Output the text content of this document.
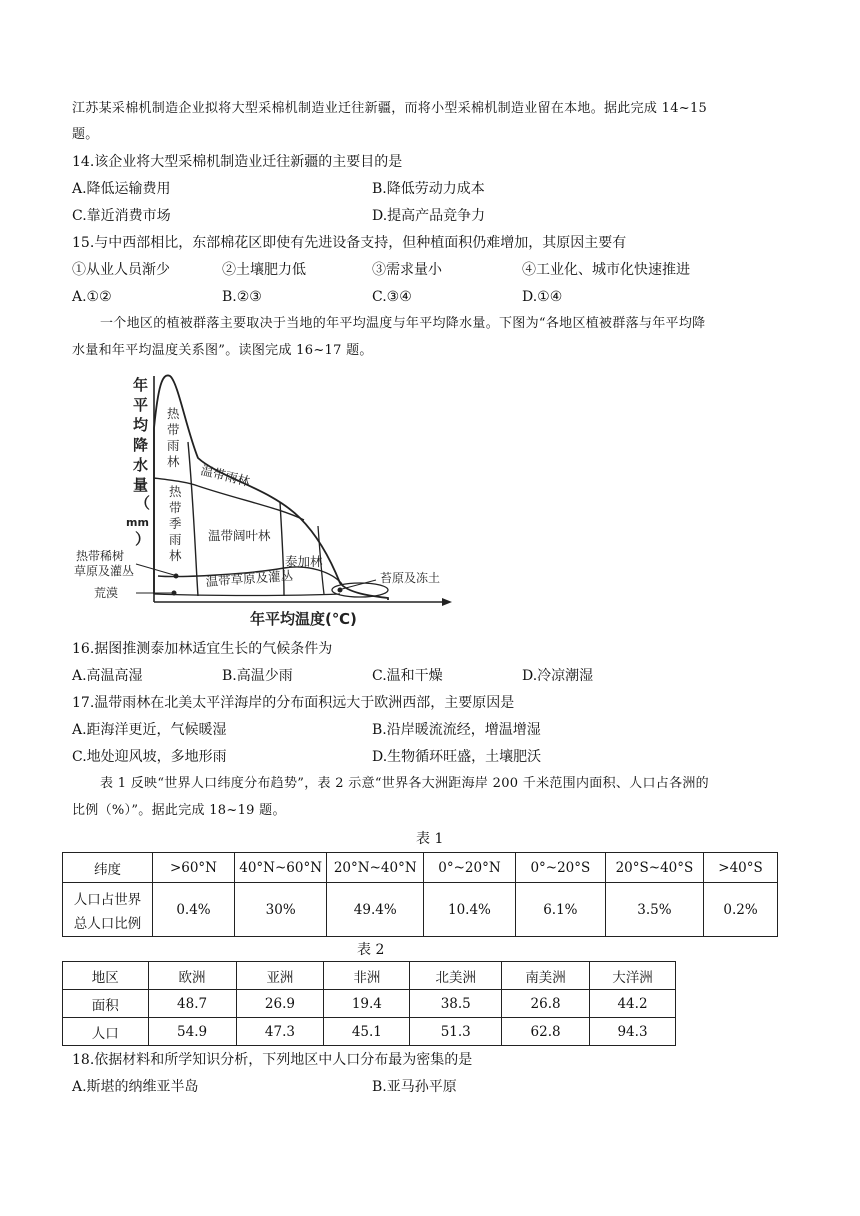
江苏某采棉机制造企业拟将大型采棉机制造业迁往新疆，而将小型采棉机制造业留在本地。据此完成 14~15
题。
14.该企业将大型采棉机制造业迁往新疆的主要目的是
A.降低运输费用	B.降低劳动力成本
C.靠近消费市场	D.提高产品竞争力
15.与中西部相比，东部棉花区即使有先进设备支持，但种植面积仍难增加，其原因主要有
①从业人员渐少	②土壤肥力低	③需求量小	④工业化、城市化快速推进
A.①②	B.②③	C.③④	D.①④
一个地区的植被群落主要取决于当地的年平均温度与年平均降水量。下图为“各地区植被群落与年平均降
水量和年平均温度关系图”。读图完成 16~17 题。
年
平
均
降
水
量
（
mm
）
热
带
雨
林
温带雨林
热
带
季
雨
林
温带阔叶林
泰加林
温带草原及灌丛
热带稀树
草原及灌丛
荒漠
苔原及冻土
年平均温度(℃)
16.据图推测泰加林适宜生长的气候条件为
A.高温高湿	B.高温少雨	C.温和干燥	D.冷凉潮湿
17.温带雨林在北美太平洋海岸的分布面积远大于欧洲西部，主要原因是
A.距海洋更近，气候暖湿	B.沿岸暖流流经，增温增湿
C.地处迎风坡，多地形雨	D.生物循环旺盛，土壤肥沃
表 1 反映“世界人口纬度分布趋势”，表 2 示意“世界各大洲距海岸 200 千米范围内面积、人口占各洲的
比例（%）”。据此完成 18~19 题。
表 1
纬度	>60°N	40°N~60°N	20°N~40°N	0°~20°N	0°~20°S	20°S~40°S	>40°S

人口占世界
总人口比例	0.4%	30%	49.4%	10.4%	6.1%	3.5%	0.2%
表 2
地区	欧洲	亚洲	非洲	北美洲	南美洲	大洋洲
面积	48.7	26.9	19.4	38.5	26.8	44.2
人口	54.9	47.3	45.1	51.3	62.8	94.3
18.依据材料和所学知识分析，下列地区中人口分布最为密集的是
A.斯堪的纳维亚半岛	B.亚马孙平原
